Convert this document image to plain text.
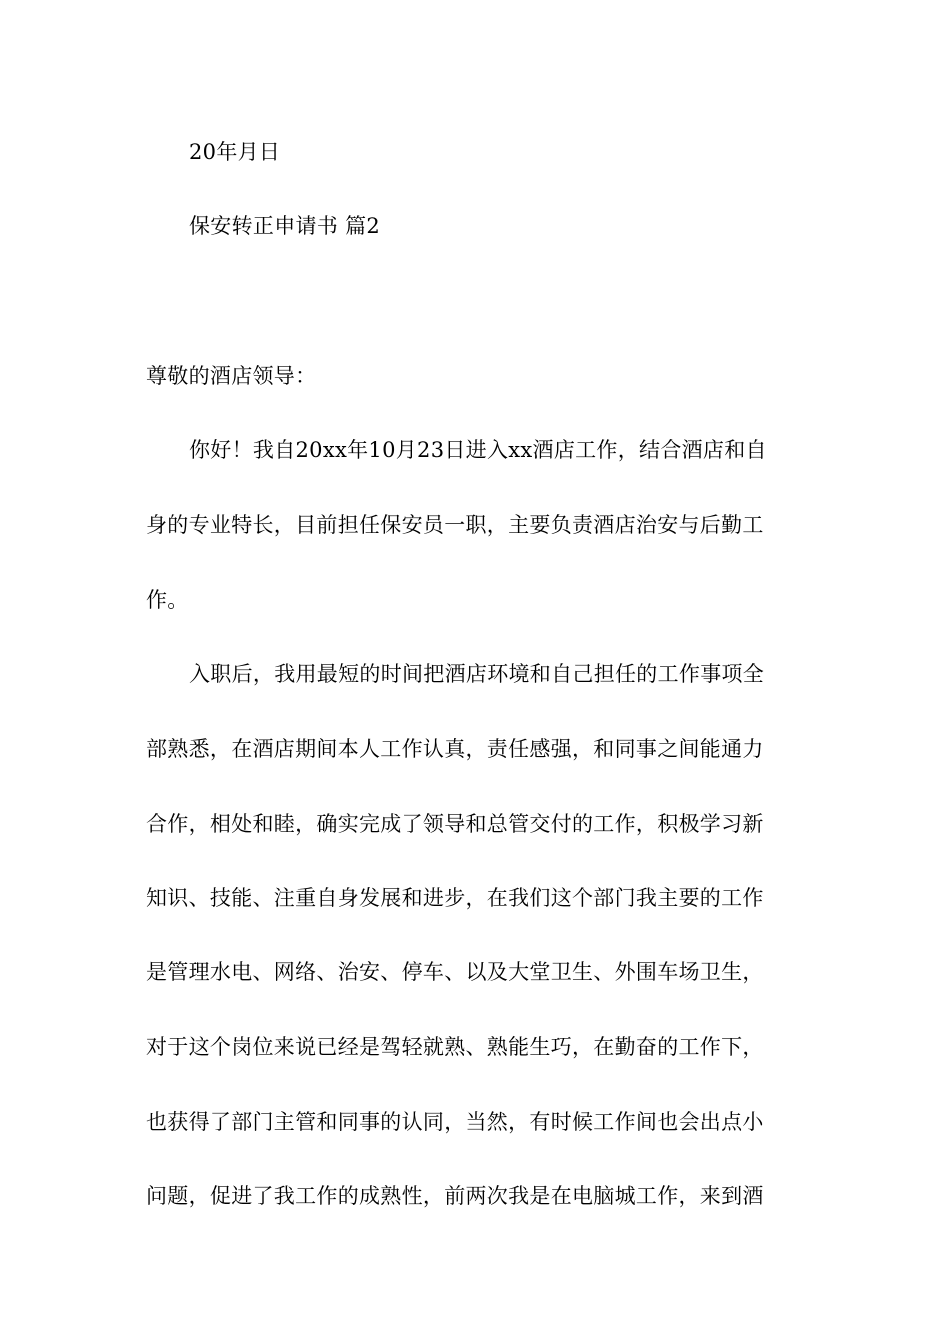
20年月日
保安转正申请书 篇2
尊敬的酒店领导：
你好！我自20xx年10月23日进入xx酒店工作，结合酒店和自
身的专业特长，目前担任保安员一职，主要负责酒店治安与后勤工
作。
入职后，我用最短的时间把酒店环境和自己担任的工作事项全
部熟悉，在酒店期间本人工作认真，责任感强，和同事之间能通力
合作，相处和睦，确实完成了领导和总管交付的工作，积极学习新
知识、技能、注重自身发展和进步，在我们这个部门我主要的工作
是管理水电、网络、治安、停车、以及大堂卫生、外围车场卫生，
对于这个岗位来说已经是驾轻就熟、熟能生巧，在勤奋的工作下，
也获得了部门主管和同事的认同，当然，有时候工作间也会出点小
问题，促进了我工作的成熟性，前两次我是在电脑城工作，来到酒
